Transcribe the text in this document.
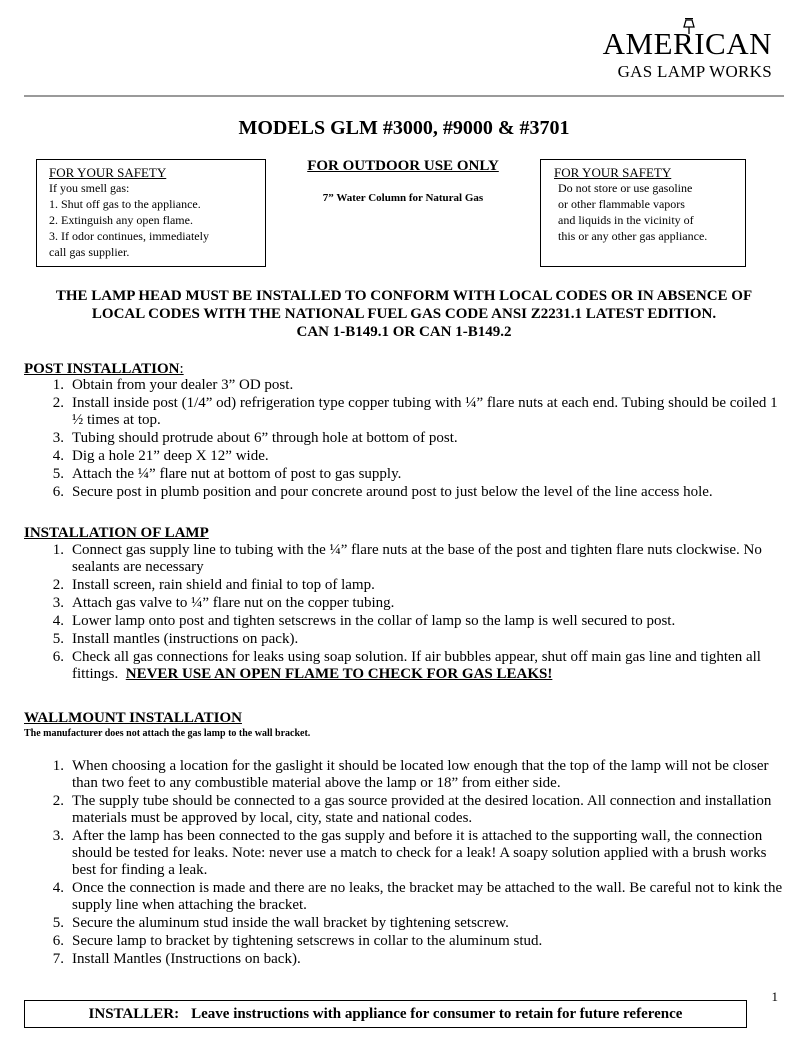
AMERICAN
GAS LAMP WORKS
MODELS GLM #3000, #9000 & #3701
FOR YOUR SAFETY
If you smell gas:
1. Shut off gas to the appliance.
2. Extinguish any open flame.
3. If odor continues, immediately
call gas supplier.
FOR OUTDOOR USE ONLY
7” Water Column for Natural Gas
FOR YOUR SAFETY
Do not store or use gasoline
or other flammable vapors
and liquids in the vicinity of
this or any other gas appliance.
THE LAMP HEAD MUST BE INSTALLED TO CONFORM WITH LOCAL CODES OR IN ABSENCE OF
LOCAL CODES WITH THE NATIONAL FUEL GAS CODE ANSI Z2231.1 LATEST EDITION.
CAN 1-B149.1 OR CAN 1-B149.2
POST INSTALLATION:
1. Obtain from your dealer 3” OD post.
2. Install inside post (1/4” od) refrigeration type copper tubing with ¼” flare nuts at each end. Tubing should be coiled 1 ½ times at top.
3. Tubing should protrude about 6” through hole at bottom of post.
4. Dig a hole 21” deep X 12” wide.
5. Attach the ¼” flare nut at bottom of post to gas supply.
6. Secure post in plumb position and pour concrete around post to just below the level of the line access hole.
INSTALLATION OF LAMP
1. Connect gas supply line to tubing with the ¼” flare nuts at the base of the post and tighten flare nuts clockwise. No sealants are necessary
2. Install screen, rain shield and finial to top of lamp.
3. Attach gas valve to ¼” flare nut on the copper tubing.
4. Lower lamp onto post and tighten setscrews in the collar of lamp so the lamp is well secured to post.
5. Install mantles (instructions on pack).
6. Check all gas connections for leaks using soap solution. If air bubbles appear, shut off main gas line and tighten all fittings. NEVER USE AN OPEN FLAME TO CHECK FOR GAS LEAKS!
WALLMOUNT INSTALLATION
The manufacturer does not attach the gas lamp to the wall bracket.
1. When choosing a location for the gaslight it should be located low enough that the top of the lamp will not be closer than two feet to any combustible material above the lamp or 18” from either side.
2. The supply tube should be connected to a gas source provided at the desired location. All connection and installation materials must be approved by local, city, state and national codes.
3. After the lamp has been connected to the gas supply and before it is attached to the supporting wall, the connection should be tested for leaks. Note: never use a match to check for a leak! A soapy solution applied with a brush works best for finding a leak.
4. Once the connection is made and there are no leaks, the bracket may be attached to the wall. Be careful not to kink the supply line when attaching the bracket.
5. Secure the aluminum stud inside the wall bracket by tightening setscrew.
6. Secure lamp to bracket by tightening setscrews in collar to the aluminum stud.
7. Install Mantles (Instructions on back).
1
INSTALLER: Leave instructions with appliance for consumer to retain for future reference
